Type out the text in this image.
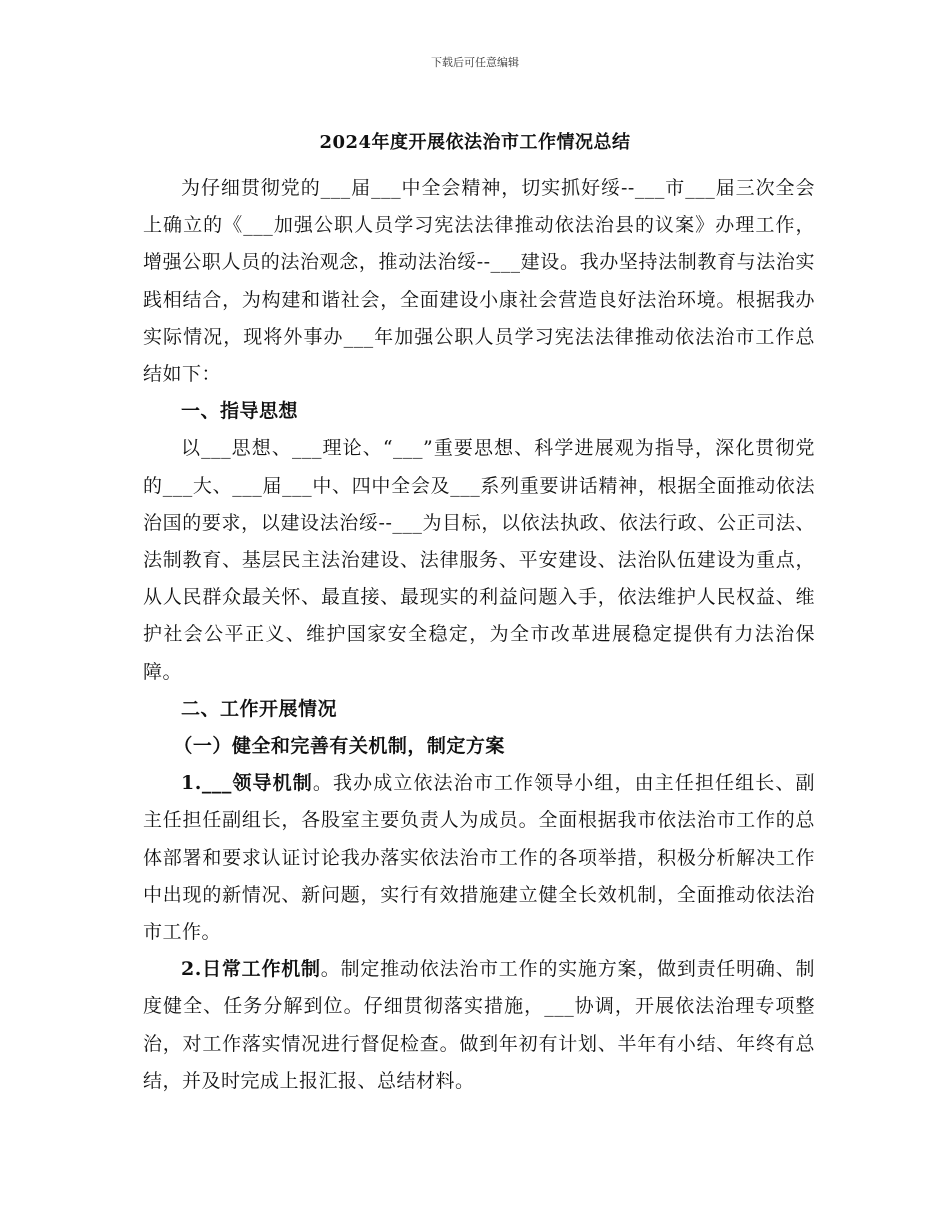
下载后可任意编辑
2024年度开展依法治市工作情况总结

为仔细贯彻党的___届___中全会精神，切实抓好绥--___市___届三次全会上确立的《___加强公职人员学习宪法法律推动依法治县的议案》办理工作，增强公职人员的法治观念，推动法治绥--___建设。我办坚持法制教育与法治实践相结合，为构建和谐社会，全面建设小康社会营造良好法治环境。根据我办实际情况，现将外事办___年加强公职人员学习宪法法律推动依法治市工作总结如下：

一、指导思想

以___思想、___理论、“___”重要思想、科学进展观为指导，深化贯彻党的___大、___届___中、四中全会及___系列重要讲话精神，根据全面推动依法治国的要求，以建设法治绥--___为目标，以依法执政、依法行政、公正司法、法制教育、基层民主法治建设、法律服务、平安建设、法治队伍建设为重点，从人民群众最关怀、最直接、最现实的利益问题入手，依法维护人民权益、维护社会公平正义、维护国家安全稳定，为全市改革进展稳定提供有力法治保障。

二、工作开展情况

（一）健全和完善有关机制，制定方案

1.___领导机制。我办成立依法治市工作领导小组，由主任担任组长、副主任担任副组长，各股室主要负责人为成员。全面根据我市依法治市工作的总体部署和要求认证讨论我办落实依法治市工作的各项举措，积极分析解决工作中出现的新情况、新问题，实行有效措施建立健全长效机制，全面推动依法治市工作。

2.日常工作机制。制定推动依法治市工作的实施方案，做到责任明确、制度健全、任务分解到位。仔细贯彻落实措施，___协调，开展依法治理专项整治，对工作落实情况进行督促检查。做到年初有计划、半年有小结、年终有总结，并及时完成上报汇报、总结材料。
